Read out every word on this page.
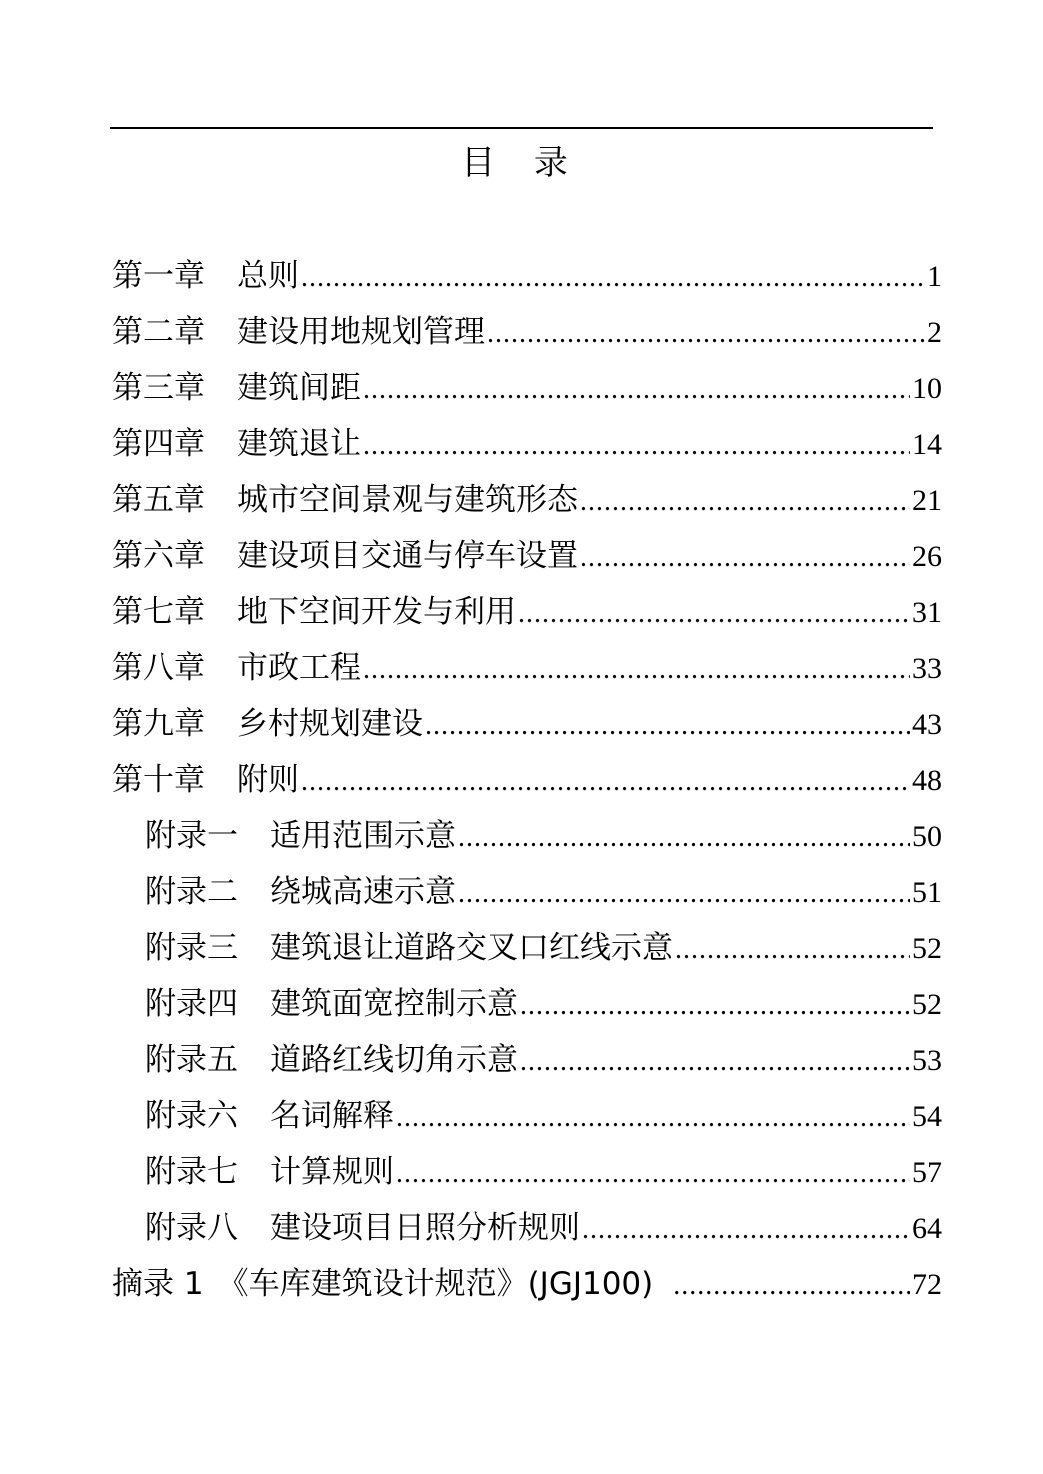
目 录
第一章 总则 .....	1
第二章 建设用地规划管理 .....	2
第三章 建筑间距 .....	10
第四章 建筑退让 .....	14
第五章 城市空间景观与建筑形态 .....	21
第六章 建设项目交通与停车设置 .....	26
第七章 地下空间开发与利用 .....	31
第八章 市政工程 .....	33
第九章 乡村规划建设 .....	43
第十章 附则 .....	48
附录一 适用范围示意 .....	50
附录二 绕城高速示意 .....	51
附录三 建筑退让道路交叉口红线示意 .....	52
附录四 建筑面宽控制示意 .....	52
附录五 道路红线切角示意 .....	53
附录六 名词解释 .....	54
附录七 计算规则 .....	57
附录八 建设项目日照分析规则 .....	64
摘录 1 《车库建筑设计规范》(JGJ100) .....	72
